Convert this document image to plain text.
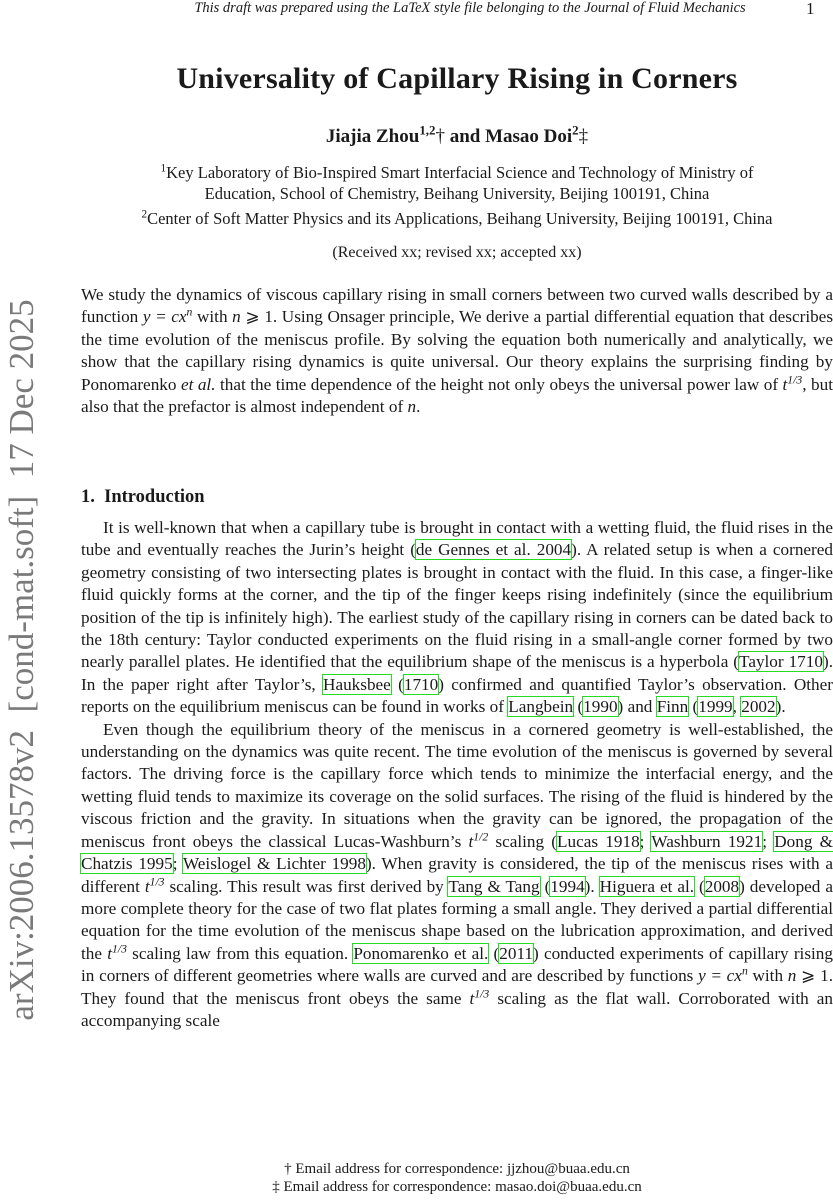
This draft was prepared using the LaTeX style file belonging to the Journal of Fluid Mechanics	1
arXiv:2006.13578v2  [cond-mat.soft]  17 Dec 2025
Universality of Capillary Rising in Corners
Jiajia Zhou$^{1,2}$† and Masao Doi$^2$‡
$^1$Key Laboratory of Bio-Inspired Smart Interfacial Science and Technology of Ministry of
Education, School of Chemistry, Beihang University, Beijing 100191, China
$^2$Center of Soft Matter Physics and its Applications, Beihang University, Beijing 100191, China
(Received xx; revised xx; accepted xx)
We study the dynamics of viscous capillary rising in small corners between two curved walls described by a function $y = cx^n$ with n ⩾ 1. Using Onsager principle, We derive a partial differential equation that describes the time evolution of the meniscus profile. By solving the equation both numerically and analytically, we show that the capillary rising dynamics is quite universal. Our theory explains the surprising finding by Ponomarenko et al. that the time dependence of the height not only obeys the universal power law of $t^{1/3}$, but also that the prefactor is almost independent of n.
1. Introduction

It is well-known that when a capillary tube is brought in contact with a wetting fluid, the fluid rises in the tube and eventually reaches the Jurin’s height (de Gennes et al. 2004). A related setup is when a cornered geometry consisting of two intersecting plates is brought in contact with the fluid. In this case, a finger-like fluid quickly forms at the corner, and the tip of the finger keeps rising indefinitely (since the equilibrium position of the tip is infinitely high). The earliest study of the capillary rising in corners can be dated back to the 18th century: Taylor conducted experiments on the fluid rising in a small-angle corner formed by two nearly parallel plates. He identified that the equilibrium shape of the meniscus is a hyperbola (Taylor 1710). In the paper right after Taylor’s, Hauksbee (1710) confirmed and quantified Taylor’s observation. Other reports on the equilibrium meniscus can be found in works of Langbein (1990) and Finn (1999, 2002).

Even though the equilibrium theory of the meniscus in a cornered geometry is well-established, the understanding on the dynamics was quite recent. The time evolution of the meniscus is governed by several factors. The driving force is the capillary force which tends to minimize the interfacial energy, and the wetting fluid tends to maximize its coverage on the solid surfaces. The rising of the fluid is hindered by the viscous friction and the gravity. In situations when the gravity can be ignored, the propagation of the meniscus front obeys the classical Lucas-Washburn’s $t^{1/2}$ scaling (Lucas 1918; Washburn 1921; Dong & Chatzis 1995; Weislogel & Lichter 1998). When gravity is considered, the tip of the meniscus rises with a different $t^{1/3}$ scaling. This result was first derived by Tang & Tang (1994). Higuera et al. (2008) developed a more complete theory for the case of two flat plates forming a small angle. They derived a partial differential equation for the time evolution of the meniscus shape based on the lubrication approximation, and derived the $t^{1/3}$ scaling law from this equation. Ponomarenko et al. (2011) conducted experiments of capillary rising in corners of different geometries where walls are curved and are described by functions $y = cx^n$ with n ⩾ 1. They found that the meniscus front obeys the same $t^{1/3}$ scaling as the flat wall. Corroborated with an accompanying scale

† Email address for correspondence: jjzhou@buaa.edu.cn
‡ Email address for correspondence: masao.doi@buaa.edu.cn
